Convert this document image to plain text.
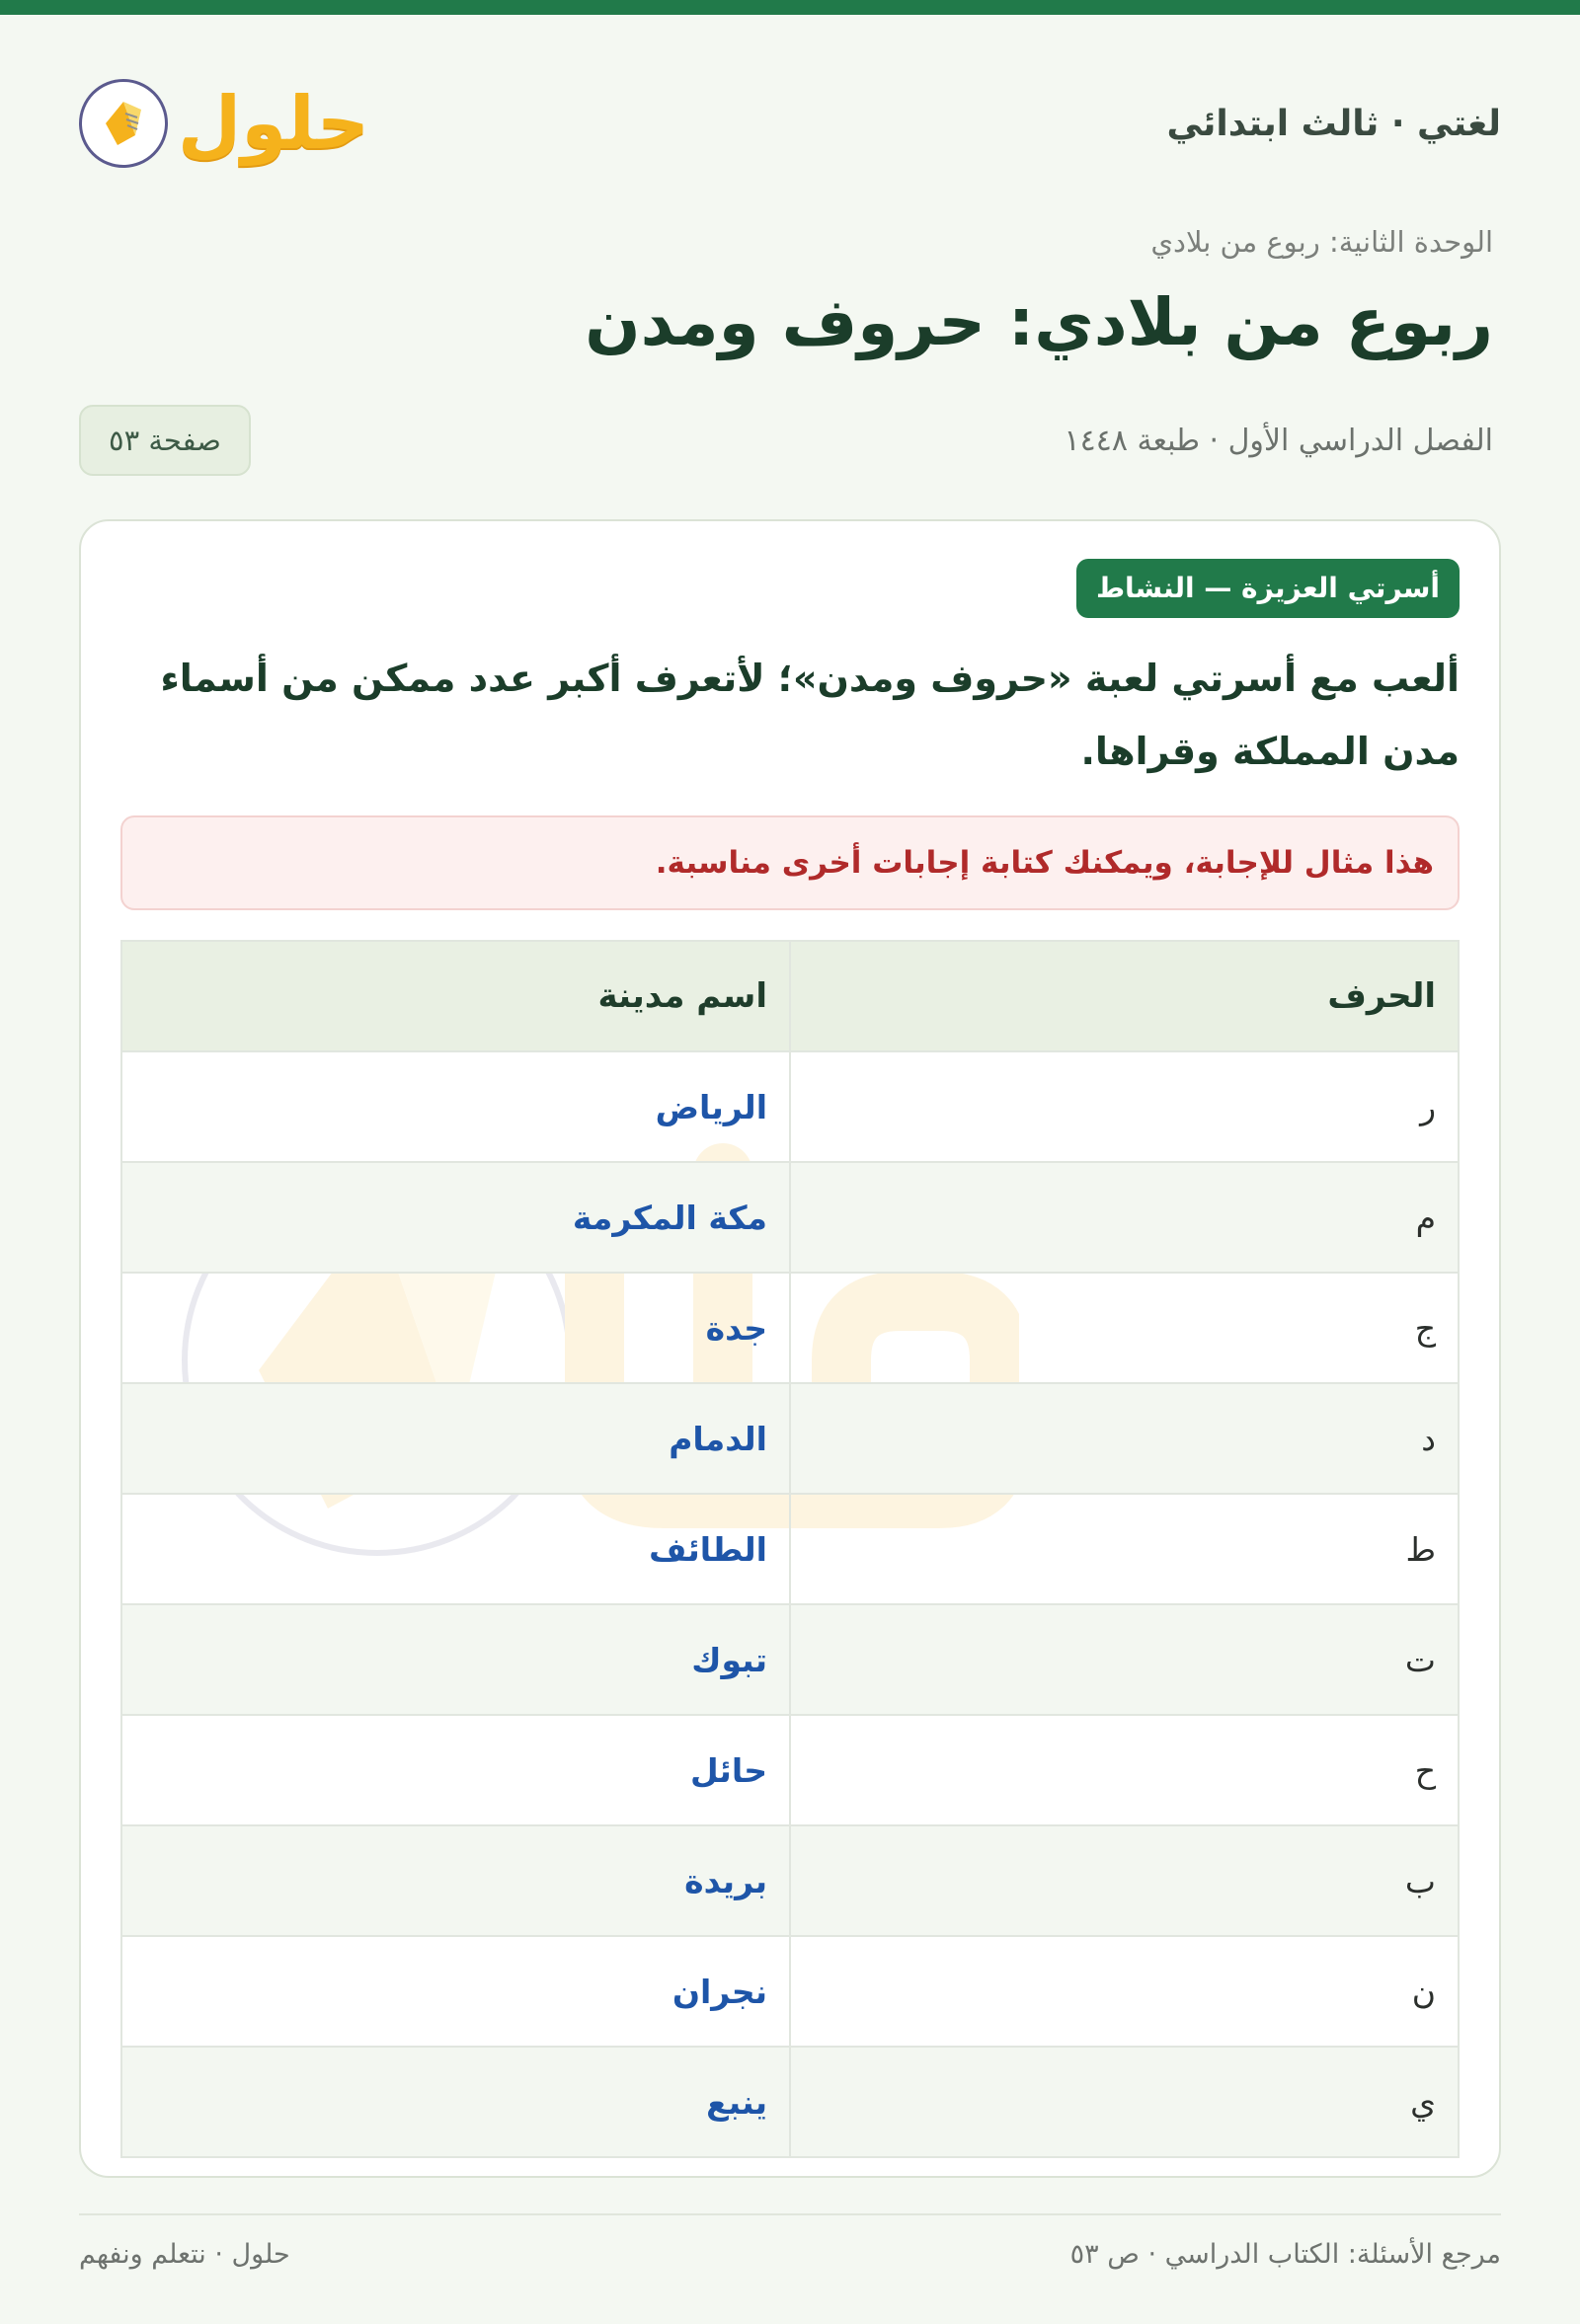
لغتي · ثالث ابتدائي
حلول
الوحدة الثانية: ربوع من بلادي
ربوع من بلادي: حروف ومدن
الفصل الدراسي الأول · طبعة ١٤٤٨
صفحة ٥٣
أسرتي العزيزة — النشاط

ألعب مع أسرتي لعبة «حروف ومدن»؛ لأتعرف أكبر عدد ممكن من أسماء مدن المملكة وقراها.

هذا مثال للإجابة، ويمكنك كتابة إجابات أخرى مناسبة.
الحرف	اسم مدينة
ر	الرياض
م	مكة المكرمة
ج	جدة
د	الدمام
ط	الطائف
ت	تبوك
ح	حائل
ب	بريدة
ن	نجران
ي	ينبع
مرجع الأسئلة: الكتاب الدراسي · ص ٥٣
حلول · نتعلم ونفهم
